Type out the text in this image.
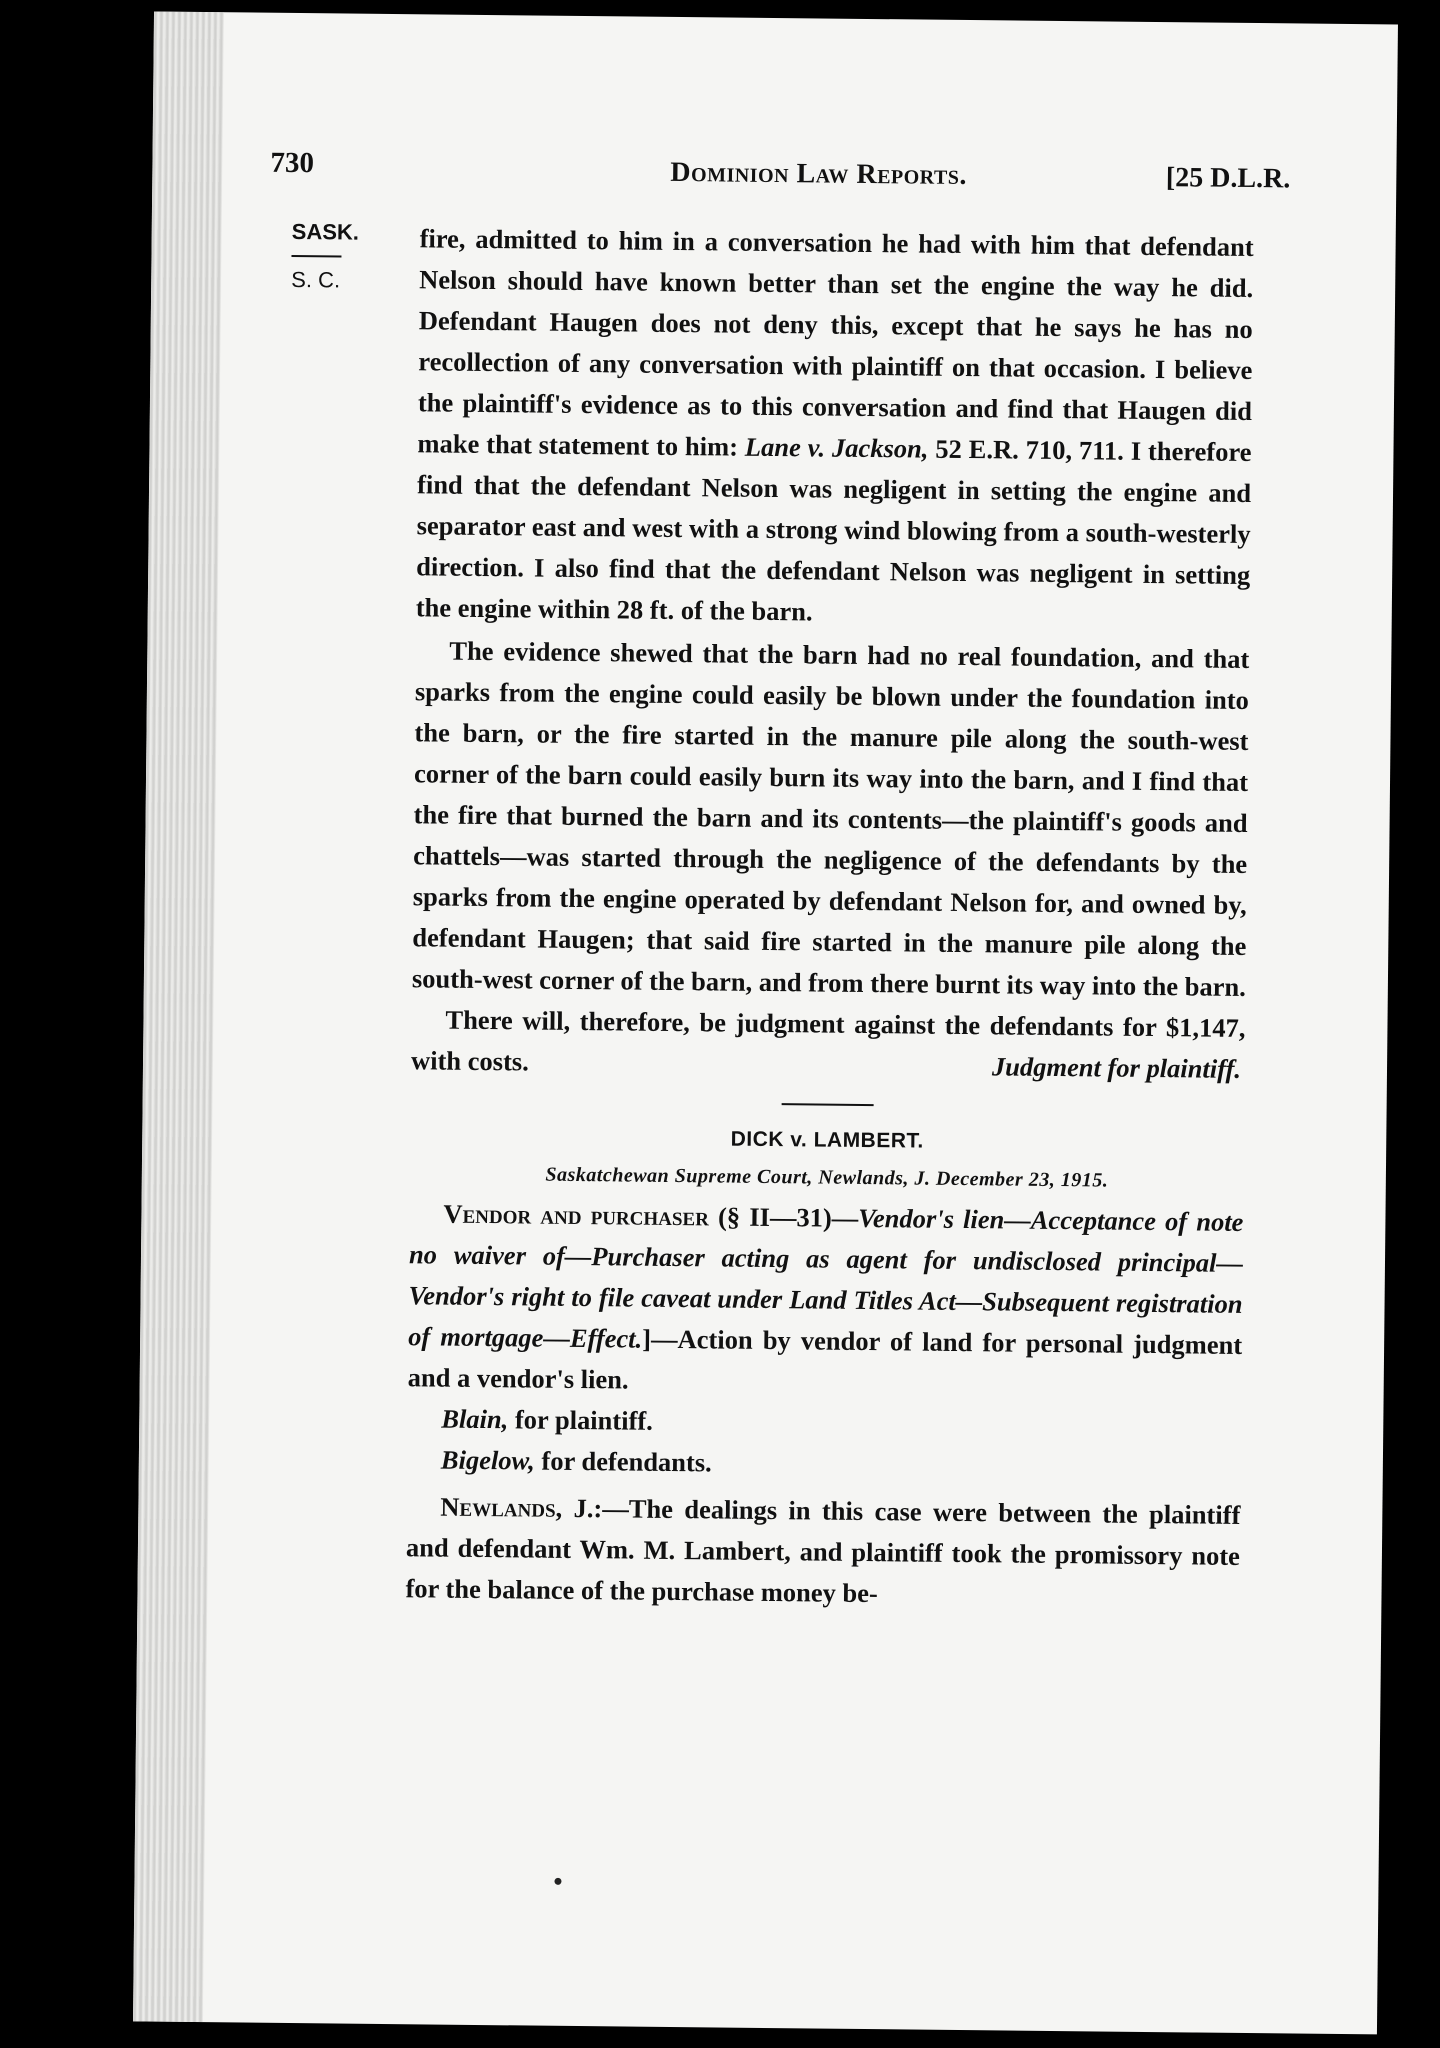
730	Dominion Law Reports.	[25 D.L.R.
SASK.
S. C.

fire, admitted to him in a conversation he had with him that defendant Nelson should have known better than set the engine the way he did. Defendant Haugen does not deny this, except that he says he has no recollection of any conversation with plaintiff on that occasion. I believe the plaintiff's evidence as to this conversation and find that Haugen did make that statement to him: Lane v. Jackson, 52 E.R. 710, 711. I therefore find that the defendant Nelson was negligent in setting the engine and separator east and west with a strong wind blowing from a south-westerly direction. I also find that the defendant Nelson was negligent in setting the engine within 28 ft. of the barn.

The evidence shewed that the barn had no real foundation, and that sparks from the engine could easily be blown under the foundation into the barn, or the fire started in the manure pile along the south-west corner of the barn could easily burn its way into the barn, and I find that the fire that burned the barn and its contents—the plaintiff's goods and chattels—was started through the negligence of the defendants by the sparks from the engine operated by defendant Nelson for, and owned by, defendant Haugen; that said fire started in the manure pile along the south-west corner of the barn, and from there burnt its way into the barn.

There will, therefore, be judgment against the defendants for $1,147, with costs.	Judgment for plaintiff.

DICK v. LAMBERT.

Saskatchewan Supreme Court, Newlands, J. December 23, 1915.

Vendor and purchaser (§ II—31)—Vendor's lien—Acceptance of note no waiver of—Purchaser acting as agent for undisclosed principal—Vendor's right to file caveat under Land Titles Act—Subsequent registration of mortgage—Effect.]—Action by vendor of land for personal judgment and a vendor's lien.

Blain, for plaintiff.

Bigelow, for defendants.

Newlands, J.:—The dealings in this case were between the plaintiff and defendant Wm. M. Lambert, and plaintiff took the promissory note for the balance of the purchase money be-
